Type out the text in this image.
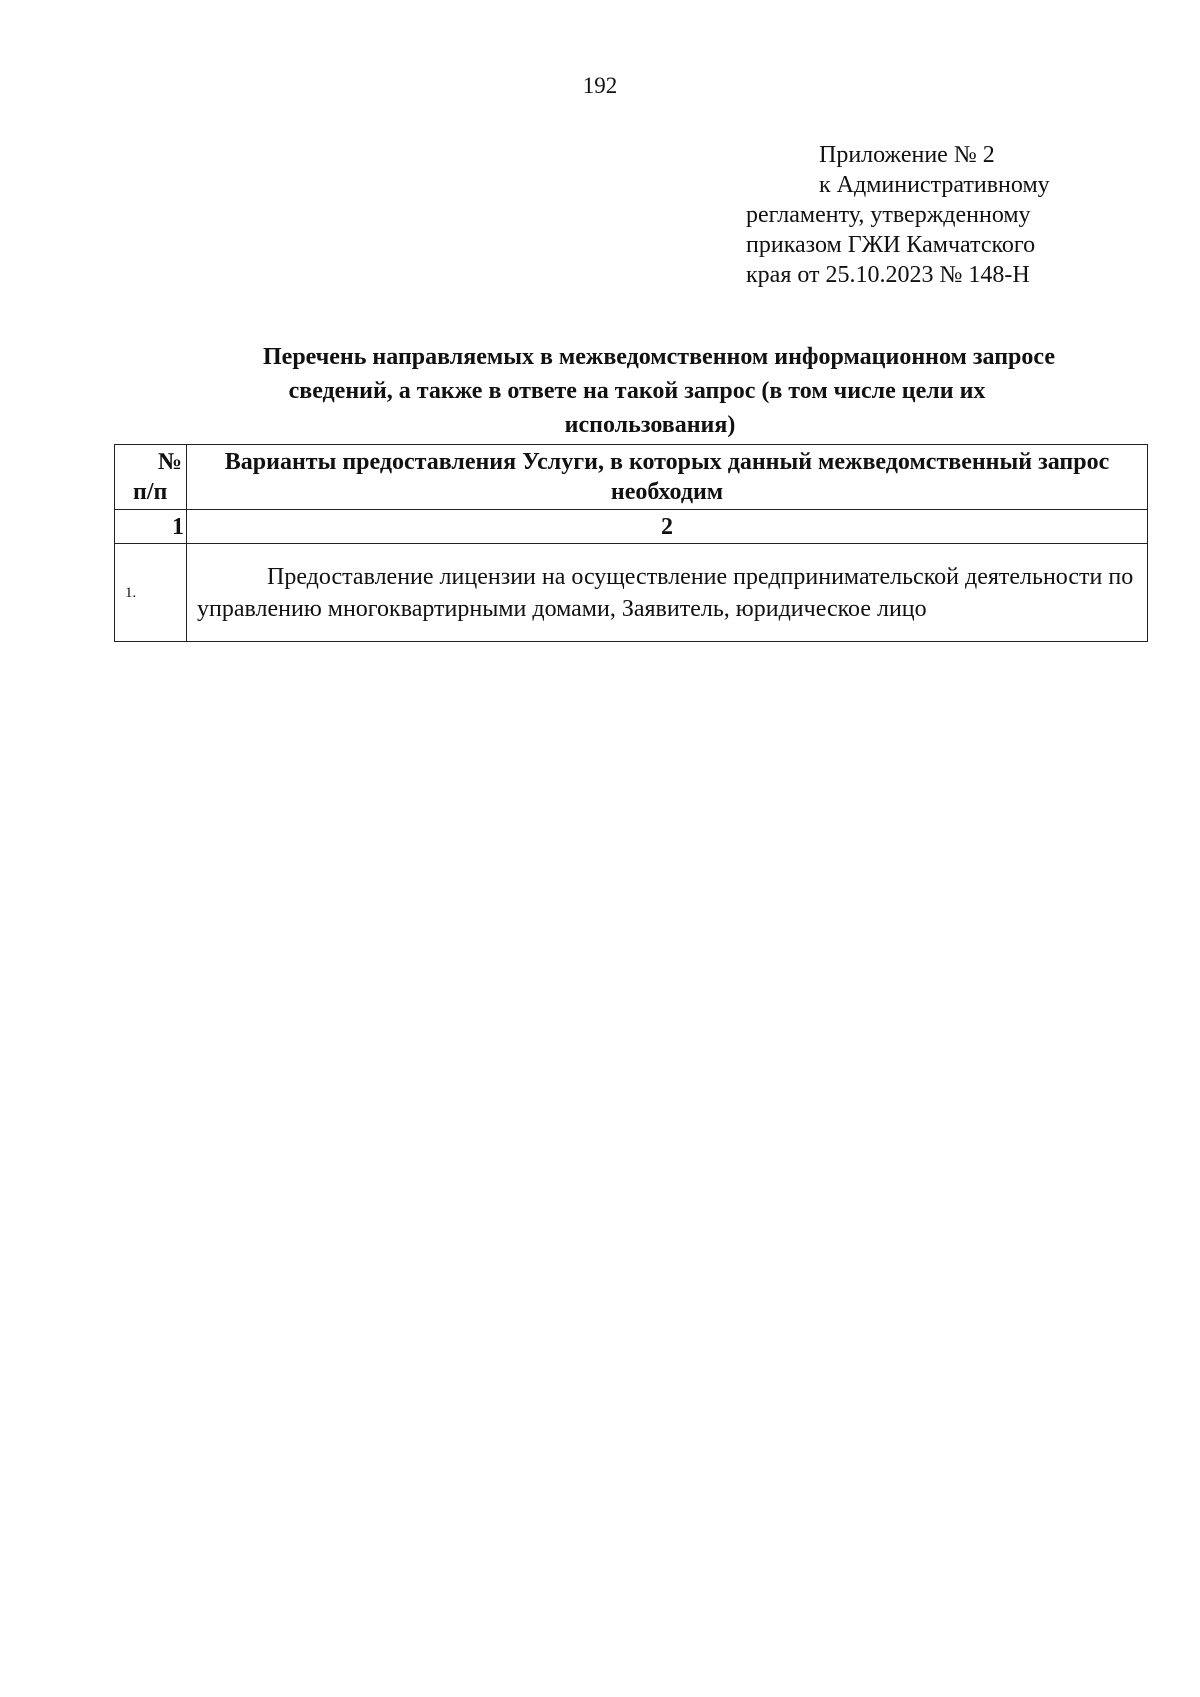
192
Приложение № 2
к Административному
регламенту, утвержденному
приказом ГЖИ Камчатского
края от 25.10.2023 № 148-Н
Перечень направляемых в межведомственном информационном запросе
сведений, а также в ответе на такой запрос (в том числе цели их
использования)
№
п/п	Варианты предоставления Услуги, в которых данный межведомственный запрос необходим
1	2
1.	Предоставление лицензии на осуществление предпринимательской деятельности по управлению многоквартирными домами, Заявитель, юридическое лицо
